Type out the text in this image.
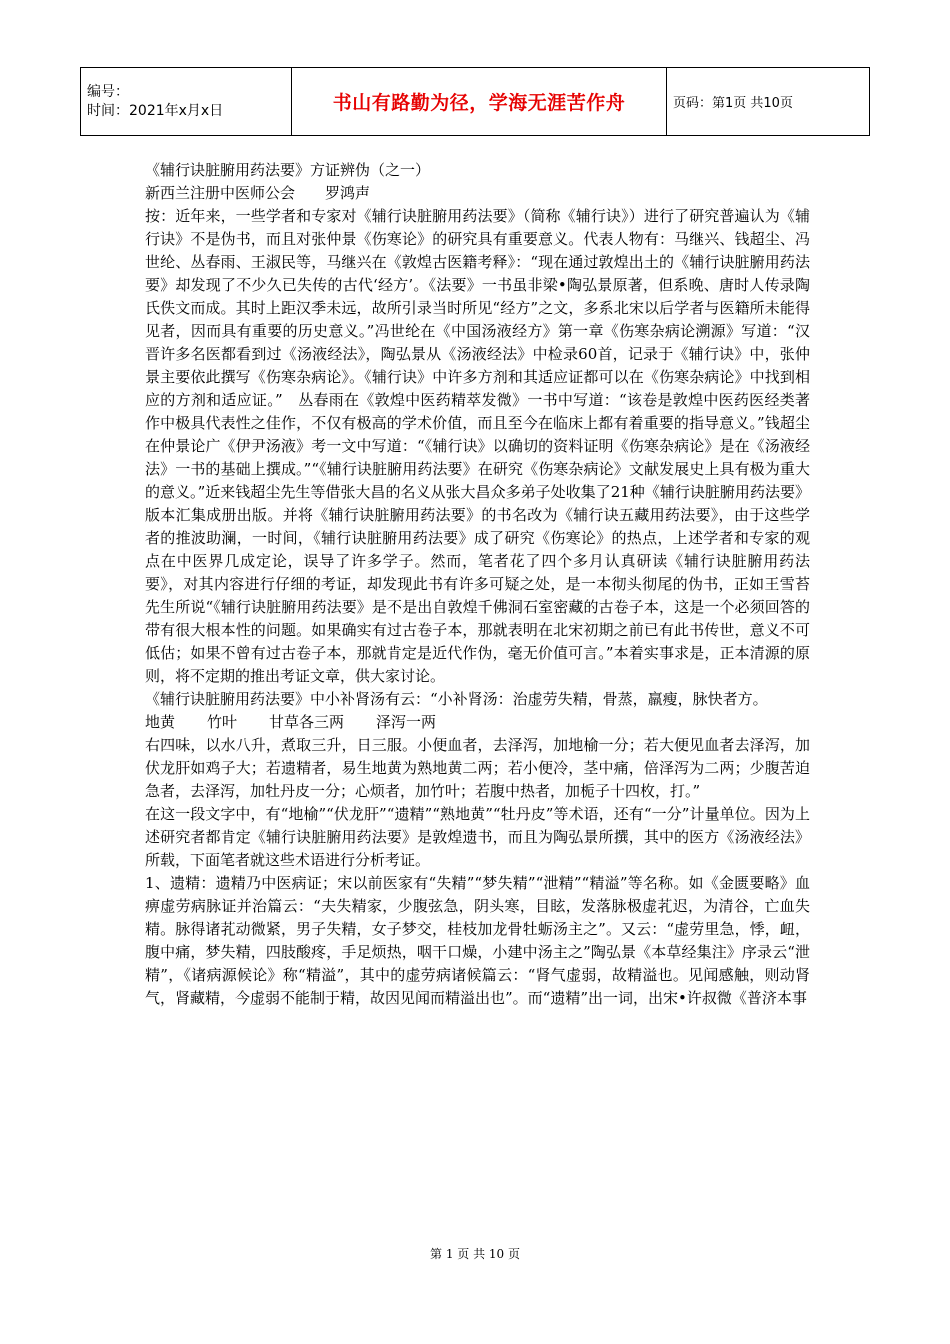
编号：
时间：2021年x月x日	书山有路勤为径，学海无涯苦作舟	页码：第1页 共10页

《辅行诀脏腑用药法要》方证辨伪（之一）

新西兰注册中医师公会　　罗鸿声

按：近年来，一些学者和专家对《辅行诀脏腑用药法要》（简称《辅行诀》）进行了研究普遍认为《辅行诀》不是伪书，而且对张仲景《伤寒论》的研究具有重要意义。代表人物有：马继兴、钱超尘、冯世纶、丛春雨、王淑民等，马继兴在《敦煌古医籍考释》：“现在通过敦煌出土的《辅行诀脏腑用药法要》却发现了不少久已失传的古代‘经方’。《法要》一书虽非梁•陶弘景原著，但系晚、唐时人传录陶氏佚文而成。其时上距汉季未远，故所引录当时所见“经方”之文，多系北宋以后学者与医籍所未能得见者，因而具有重要的历史意义。”冯世纶在《中国汤液经方》第一章《伤寒杂病论溯源》写道：“汉晋许多名医都看到过《汤液经法》，陶弘景从《汤液经法》中检录60首，记录于《辅行诀》中，张仲景主要依此撰写《伤寒杂病论》。《辅行诀》中许多方剂和其适应证都可以在《伤寒杂病论》中找到相应的方剂和适应证。”　丛春雨在《敦煌中医药精萃发微》一书中写道：“该卷是敦煌中医药医经类著作中极具代表性之佳作，不仅有极高的学术价值，而且至今在临床上都有着重要的指导意义。”钱超尘在仲景论广《伊尹汤液》考一文中写道：“《辅行诀》以确切的资料证明《伤寒杂病论》是在《汤液经法》一书的基础上撰成。”“《辅行诀脏腑用药法要》在研究《伤寒杂病论》文献发展史上具有极为重大的意义。”近来钱超尘先生等借张大昌的名义从张大昌众多弟子处收集了21种《辅行诀脏腑用药法要》版本汇集成册出版。并将《辅行诀脏腑用药法要》的书名改为《辅行诀五藏用药法要》，由于这些学者的推波助澜，一时间，《辅行诀脏腑用药法要》成了研究《伤寒论》的热点，上述学者和专家的观点在中医界几成定论，误导了许多学子。然而，笔者花了四个多月认真研读《辅行诀脏腑用药法要》，对其内容进行仔细的考证，却发现此书有许多可疑之处，是一本彻头彻尾的伪书，正如王雪苔先生所说“《辅行诀脏腑用药法要》是不是出自敦煌千佛洞石室密藏的古卷子本，这是一个必须回答的带有很大根本性的问题。如果确实有过古卷子本，那就表明在北宋初期之前已有此书传世，意义不可低估；如果不曾有过古卷子本，那就肯定是近代作伪，毫无价值可言。”本着实事求是，正本清源的原则，将不定期的推出考证文章，供大家讨论。

《辅行诀脏腑用药法要》中小补肾汤有云：“小补肾汤：治虚劳失精，骨蒸，羸瘦，脉快者方。

地黄 竹叶 甘草各三两 泽泻一两

右四味，以水八升，煮取三升，日三服。小便血者，去泽泻，加地榆一分；若大便见血者去泽泻，加伏龙肝如鸡子大；若遗精者，易生地黄为熟地黄二两；若小便冷，茎中痛，倍泽泻为二两；少腹苦迫急者，去泽泻，加牡丹皮一分；心烦者，加竹叶；若腹中热者，加栀子十四枚，打。”

在这一段文字中，有“地榆”“伏龙肝”“遗精”“熟地黄”“牡丹皮”等术语，还有“一分”计量单位。因为上述研究者都肯定《辅行诀脏腑用药法要》是敦煌遗书，而且为陶弘景所撰，其中的医方《汤液经法》所载，下面笔者就这些术语进行分析考证。

1、遗精：遗精乃中医病证；宋以前医家有“失精”“梦失精”“泄精”“精溢”等名称。如《金匮要略》血痹虚劳病脉证并治篇云：“夫失精家，少腹弦急，阴头寒，目眩，发落脉极虚芤迟，为清谷，亡血失精。脉得诸芤动微紧，男子失精，女子梦交，桂枝加龙骨牡蛎汤主之”。又云：“虚劳里急，悸，衄，腹中痛，梦失精，四肢酸疼，手足烦热，咽干口燥，小建中汤主之”陶弘景《本草经集注》序录云“泄精”，《诸病源候论》称“精溢”，其中的虚劳病诸候篇云：“肾气虚弱，故精溢也。见闻感触，则动肾气，肾藏精，今虚弱不能制于精，故因见闻而精溢出也”。而“遗精”出一词，出宋•许叔微《普济本事

第 1 页 共 10 页
